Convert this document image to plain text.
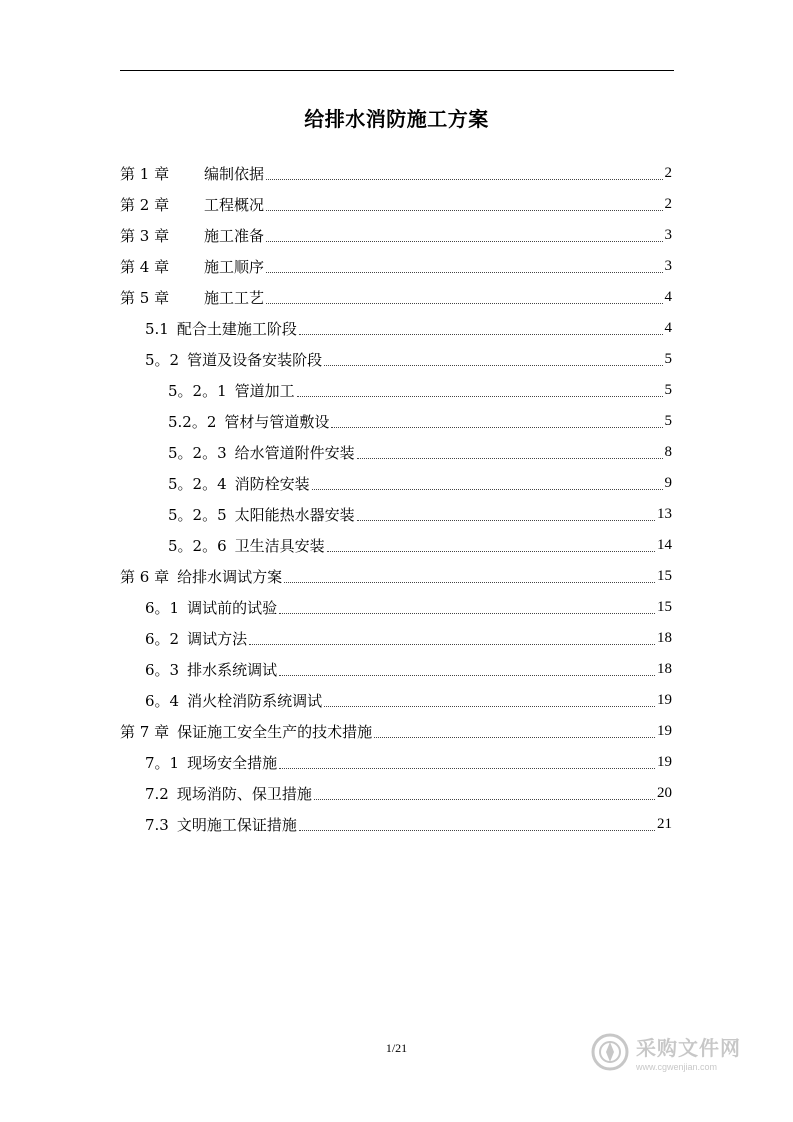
给排水消防施工方案
第 1 章 编制依据	2
第 2 章 工程概况	2
第 3 章 施工准备	3
第 4 章 施工顺序	3
第 5 章 施工工艺	4
5.1 配合土建施工阶段	4
5。2 管道及设备安装阶段	5
5。2。1 管道加工	5
5.2。2 管材与管道敷设	5
5。2。3 给水管道附件安装	8
5。2。4 消防栓安装	9
5。2。5 太阳能热水器安装	13
5。2。6 卫生洁具安装	14
第 6 章 给排水调试方案	15
6。1 调试前的试验	15
6。2 调试方法	18
6。3 排水系统调试	18
6。4 消火栓消防系统调试	19
第 7 章 保证施工安全生产的技术措施	19
7。1 现场安全措施	19
7.2 现场消防、保卫措施	20
7.3 文明施工保证措施	21
1/21	采购文件网
www.cgwenjian.com
